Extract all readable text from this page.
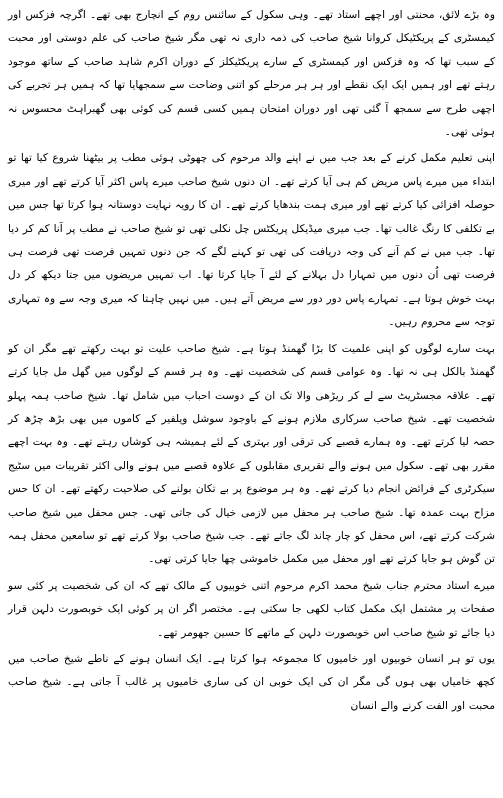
وہ بڑے لائق، محنتی اور اچھے استاد تھے۔ وہی سکول کے سائنس روم کے انچارج بھی تھے۔ اگرچہ فزکس اور کیمسٹری کے پریکٹیکل کروانا شیخ صاحب کی ذمہ داری نہ تھی مگر شیخ صاحب کی علم دوستی اور محبت کے سبب تھا کہ وہ فزکس اور کیمسٹری کے سارے پریکٹیکلز کے دوران اکرم شاہد صاحب کے ساتھ موجود رہتے تھے اور ہمیں ایک ایک نقطے اور ہر ہر مرحلے کو اتنی وضاحت سے سمجھایا تھا کہ ہمیں ہر تجربے کی اچھی طرح سے سمجھ آ گئی تھی اور دوران امتحان ہمیں کسی قسم کی کوئی بھی گھبراہٹ محسوس نہ ہوئی تھی۔

اپنی تعلیم مکمل کرنے کے بعد جب میں نے اپنے والد مرحوم کی چھوٹی ہوئی مطب پر بیٹھنا شروع کیا تھا تو ابتداء میں میرے پاس مریض کم ہی آیا کرتے تھے۔ ان دنوں شیخ صاحب میرے پاس اکثر آیا کرتے تھے اور میری حوصلہ افزائی کیا کرتے تھے اور میری ہمت بندھایا کرتے تھے۔ ان کا رویہ نہایت دوستانہ ہوا کرتا تھا جس میں بے تکلفی کا رنگ غالب تھا۔ جب میری میڈیکل پریکٹس چل نکلی تھی تو شیخ صاحب نے مطب پر آنا کم کر دیا تھا۔ جب میں نے کم آنے کی وجہ دریافت کی تھی تو کہنے لگے کہ جن دنوں تمہیں فرصت تھی فرصت ہی فرصت تھی اُن دنوں میں تمہارا دل بہلانے کے لئے آ جایا کرتا تھا۔ اب تمہیں مریضوں میں جتا دیکھ کر دل بہت خوش ہوتا ہے۔ تمہارے پاس دور دور سے مریض آتے ہیں۔ میں نہیں چاہتا کہ میری وجہ سے وہ تمہاری توجہ سے محروم رہیں۔

بہت سارے لوگوں کو اپنی علمیت کا بڑا گھمنڈ ہوتا ہے۔ شیخ صاحب علیت تو بہت رکھتے تھے مگر ان کو گھمنڈ بالکل ہی نہ تھا۔ وہ عوامی قسم کی شخصیت تھے۔ وہ ہر قسم کے لوگوں میں گھل مل جایا کرتے تھے۔ علاقہ مجسٹریٹ سے لے کر ریڑھی والا تک ان کے دوست احباب میں شامل تھا۔ شیخ صاحب ہمہ پہلو شخصیت تھے۔ شیخ صاحب سرکاری ملازم ہونے کے باوجود سوشل ویلفیر کے کاموں میں بھی بڑھ چڑھ کر حصہ لیا کرتے تھے۔ وہ ہمارے قصبے کی ترقی اور بہتری کے لئے ہمیشہ ہی کوشاں رہتے تھے۔ وہ بہت اچھے مقرر بھی تھے۔ سکول میں ہونے والے تقریری مقابلوں کے علاوہ قصبے میں ہونے والی اکثر تقریبات میں سٹیج سیکرٹری کے فرائض انجام دیا کرتے تھے۔ وہ ہر موضوع پر بے تکان بولنے کی صلاحیت رکھتے تھے۔ ان کا حس مزاح بہت عمدہ تھا۔ شیخ صاحب ہر محفل میں لازمی خیال کی جاتی تھی۔ جس محفل میں شیخ صاحب شرکت کرتے تھے، اس محفل کو چار چاند لگ جاتے تھے۔ جب شیخ صاحب بولا کرتے تھے تو سامعین محفل ہمہ تن گوش ہو جایا کرتے تھے اور محفل میں مکمل خاموشی چھا جایا کرتی تھی۔

میرے استاد محترم جناب شیخ محمد اکرم مرحوم اتنی خوبیوں کے مالک تھے کہ ان کی شخصیت پر کئی سو صفحات پر مشتمل ایک مکمل کتاب لکھی جا سکتی ہے۔ مختصر اگر ان پر کوئی ایک خوبصورت دلہن قرار دیا جائے تو شیخ صاحب اس خوبصورت دلہن کے ماتھے کا حسین جھومر تھے۔

یوں تو ہر انسان خوبیوں اور خامیوں کا مجموعہ ہوا کرتا ہے۔ ایک انسان ہونے کے ناطے شیخ صاحب میں کچھ خامیاں بھی ہوں گی مگر ان کی ایک خوبی ان کی ساری خامیوں پر غالب آ جاتی ہے۔ شیخ صاحب محبت اور الفت کرنے والے انسان
